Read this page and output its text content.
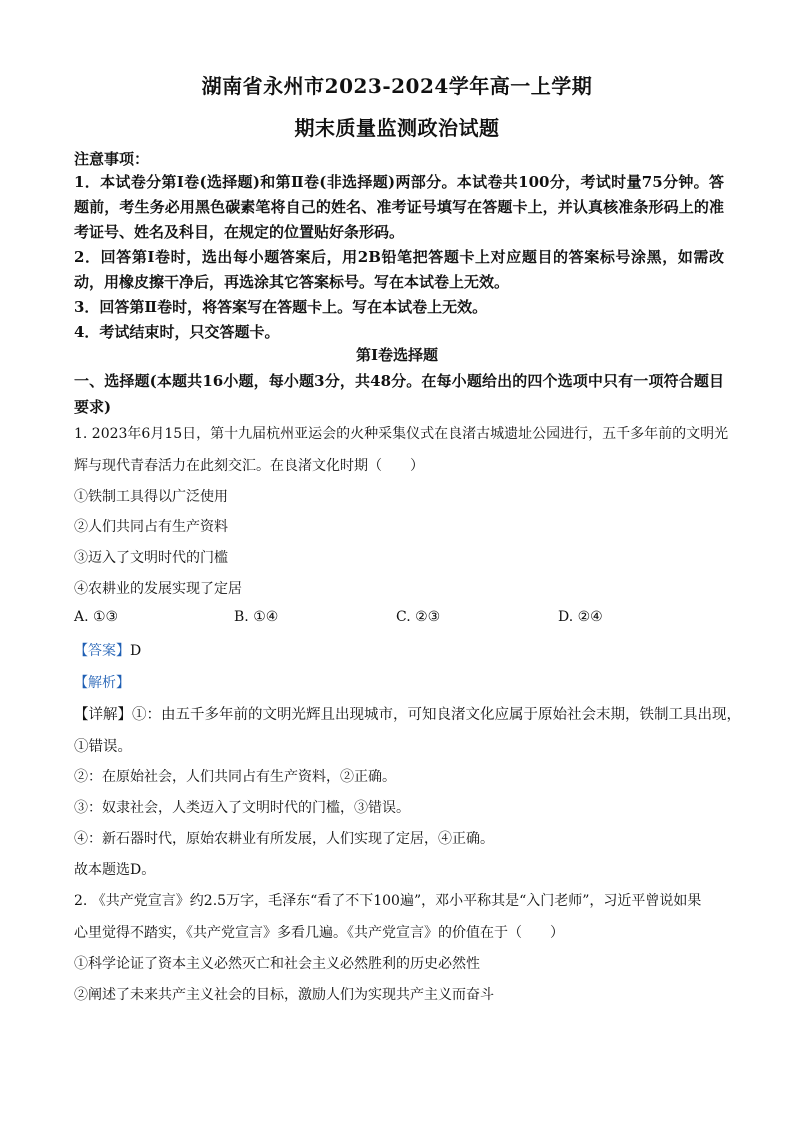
湖南省永州市2023-2024学年高一上学期
期末质量监测政治试题
注意事项：

1．本试卷分第Ⅰ卷(选择题)和第Ⅱ卷(非选择题)两部分。本试卷共100分，考试时量75分钟。答题前，考生务必用黑色碳素笔将自己的姓名、准考证号填写在答题卡上，并认真核准条形码上的准考证号、姓名及科目，在规定的位置贴好条形码。

2．回答第Ⅰ卷时，选出每小题答案后，用2B铅笔把答题卡上对应题目的答案标号涂黑，如需改动，用橡皮擦干净后，再选涂其它答案标号。写在本试卷上无效。

3．回答第Ⅱ卷时，将答案写在答题卡上。写在本试卷上无效。

4．考试结束时，只交答题卡。

第Ⅰ卷选择题
一、选择题(本题共16小题，每小题3分，共48分。在每小题给出的四个选项中只有一项符合题目要求)
1. 2023年6月15日，第十九届杭州亚运会的火种采集仪式在良渚古城遗址公园进行，五千多年前的文明光
辉与现代青春活力在此刻交汇。在良渚文化时期（　　）
①铁制工具得以广泛使用
②人们共同占有生产资料
③迈入了文明时代的门槛
④农耕业的发展实现了定居
A. ①③	B. ①④	C. ②③	D. ②④
【答案】D
【解析】
【详解】①：由五千多年前的文明光辉且出现城市，可知良渚文化应属于原始社会末期，铁制工具出现，
①错误。
②：在原始社会，人们共同占有生产资料，②正确。
③：奴隶社会，人类迈入了文明时代的门槛，③错误。
④：新石器时代，原始农耕业有所发展，人们实现了定居，④正确。
故本题选D。
2. 《共产党宣言》约2.5万字，毛泽东“看了不下100遍”，邓小平称其是“入门老师”，习近平曾说如果
心里觉得不踏实，《共产党宣言》多看几遍。《共产党宣言》的价值在于（　　）
①科学论证了资本主义必然灭亡和社会主义必然胜利的历史必然性
②阐述了未来共产主义社会的目标，激励人们为实现共产主义而奋斗
